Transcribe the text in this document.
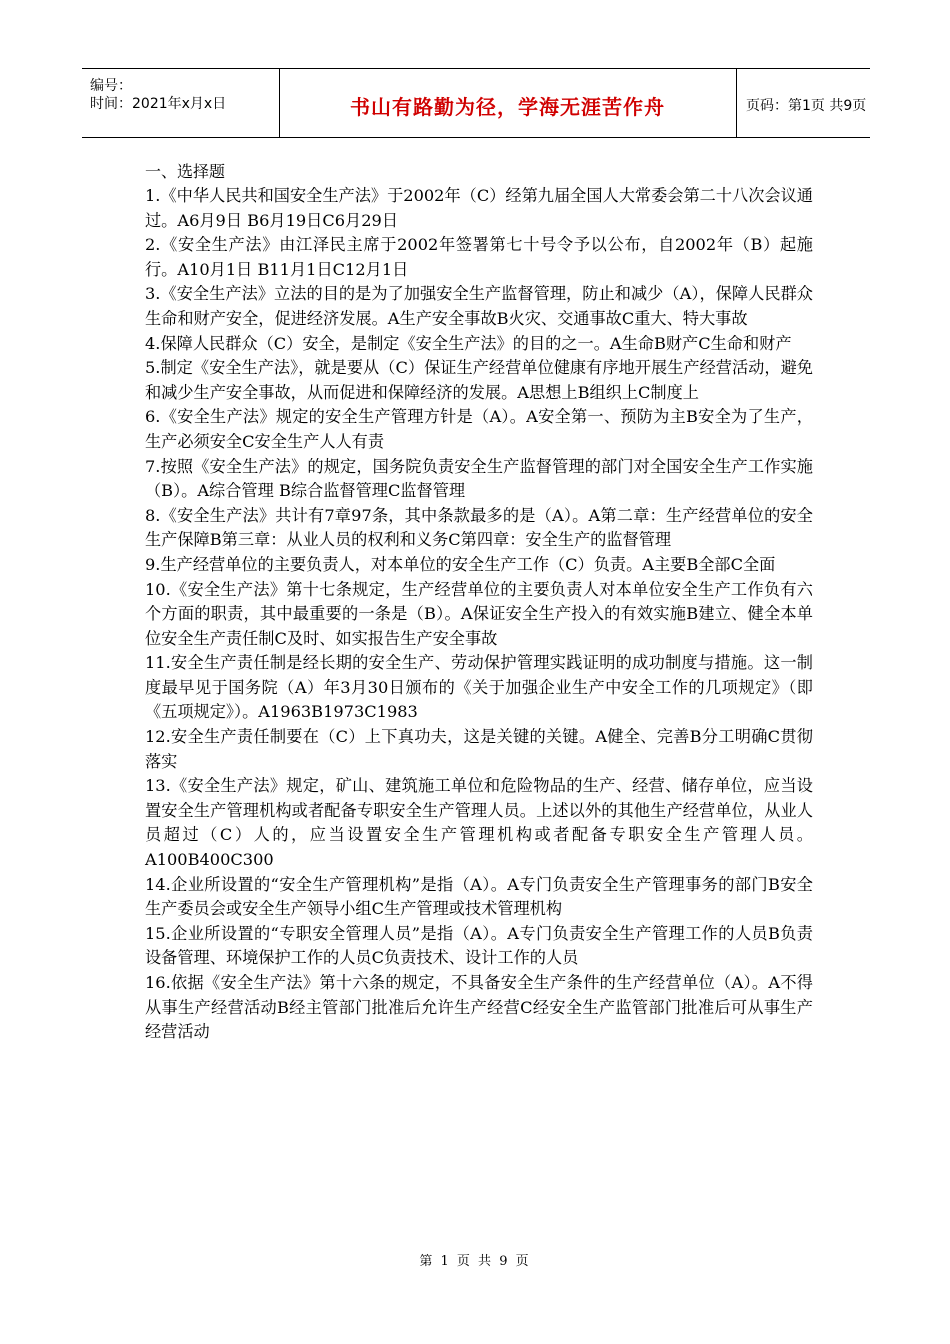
编号：
时间：2021年x月x日	书山有路勤为径，学海无涯苦作舟	页码：第1页 共9页

一、选择题

1.《中华人民共和国安全生产法》于2002年（C）经第九届全国人大常委会第二十八次会议通过。A6月9日 B6月19日C6月29日

2.《安全生产法》由江泽民主席于2002年签署第七十号令予以公布，自2002年（B）起施行。A10月1日 B11月1日C12月1日

3.《安全生产法》立法的目的是为了加强安全生产监督管理，防止和减少（A），保障人民群众生命和财产安全，促进经济发展。A生产安全事故B火灾、交通事故C重大、特大事故

4.保障人民群众（C）安全，是制定《安全生产法》的目的之一。A生命B财产C生命和财产

5.制定《安全生产法》，就是要从（C）保证生产经营单位健康有序地开展生产经营活动，避免和减少生产安全事故，从而促进和保障经济的发展。A思想上B组织上C制度上

6.《安全生产法》规定的安全生产管理方针是（A）。A安全第一、预防为主B安全为了生产，生产必须安全C安全生产人人有责

7.按照《安全生产法》的规定，国务院负责安全生产监督管理的部门对全国安全生产工作实施（B）。A综合管理 B综合监督管理C监督管理

8.《安全生产法》共计有7章97条，其中条款最多的是（A）。A第二章：生产经营单位的安全生产保障B第三章：从业人员的权利和义务C第四章：安全生产的监督管理

9.生产经营单位的主要负责人，对本单位的安全生产工作（C）负责。A主要B全部C全面

10.《安全生产法》第十七条规定，生产经营单位的主要负责人对本单位安全生产工作负有六个方面的职责，其中最重要的一条是（B）。A保证安全生产投入的有效实施B建立、健全本单位安全生产责任制C及时、如实报告生产安全事故

11.安全生产责任制是经长期的安全生产、劳动保护管理实践证明的成功制度与措施。这一制度最早见于国务院（A）年3月30日颁布的《关于加强企业生产中安全工作的几项规定》（即《五项规定》）。A1963B1973C1983

12.安全生产责任制要在（C）上下真功夫，这是关键的关键。A健全、完善B分工明确C贯彻落实

13.《安全生产法》规定，矿山、建筑施工单位和危险物品的生产、经营、储存单位，应当设置安全生产管理机构或者配备专职安全生产管理人员。上述以外的其他生产经营单位，从业人员超过（C）人的，应当设置安全生产管理机构或者配备专职安全生产管理人员。A100B400C300

14.企业所设置的“安全生产管理机构”是指（A）。A专门负责安全生产管理事务的部门B安全生产委员会或安全生产领导小组C生产管理或技术管理机构

15.企业所设置的“专职安全管理人员”是指（A）。A专门负责安全生产管理工作的人员B负责设备管理、环境保护工作的人员C负责技术、设计工作的人员

16.依据《安全生产法》第十六条的规定，不具备安全生产条件的生产经营单位（A）。A不得从事生产经营活动B经主管部门批准后允许生产经营C经安全生产监管部门批准后可从事生产经营活动

第 1 页 共 9 页
